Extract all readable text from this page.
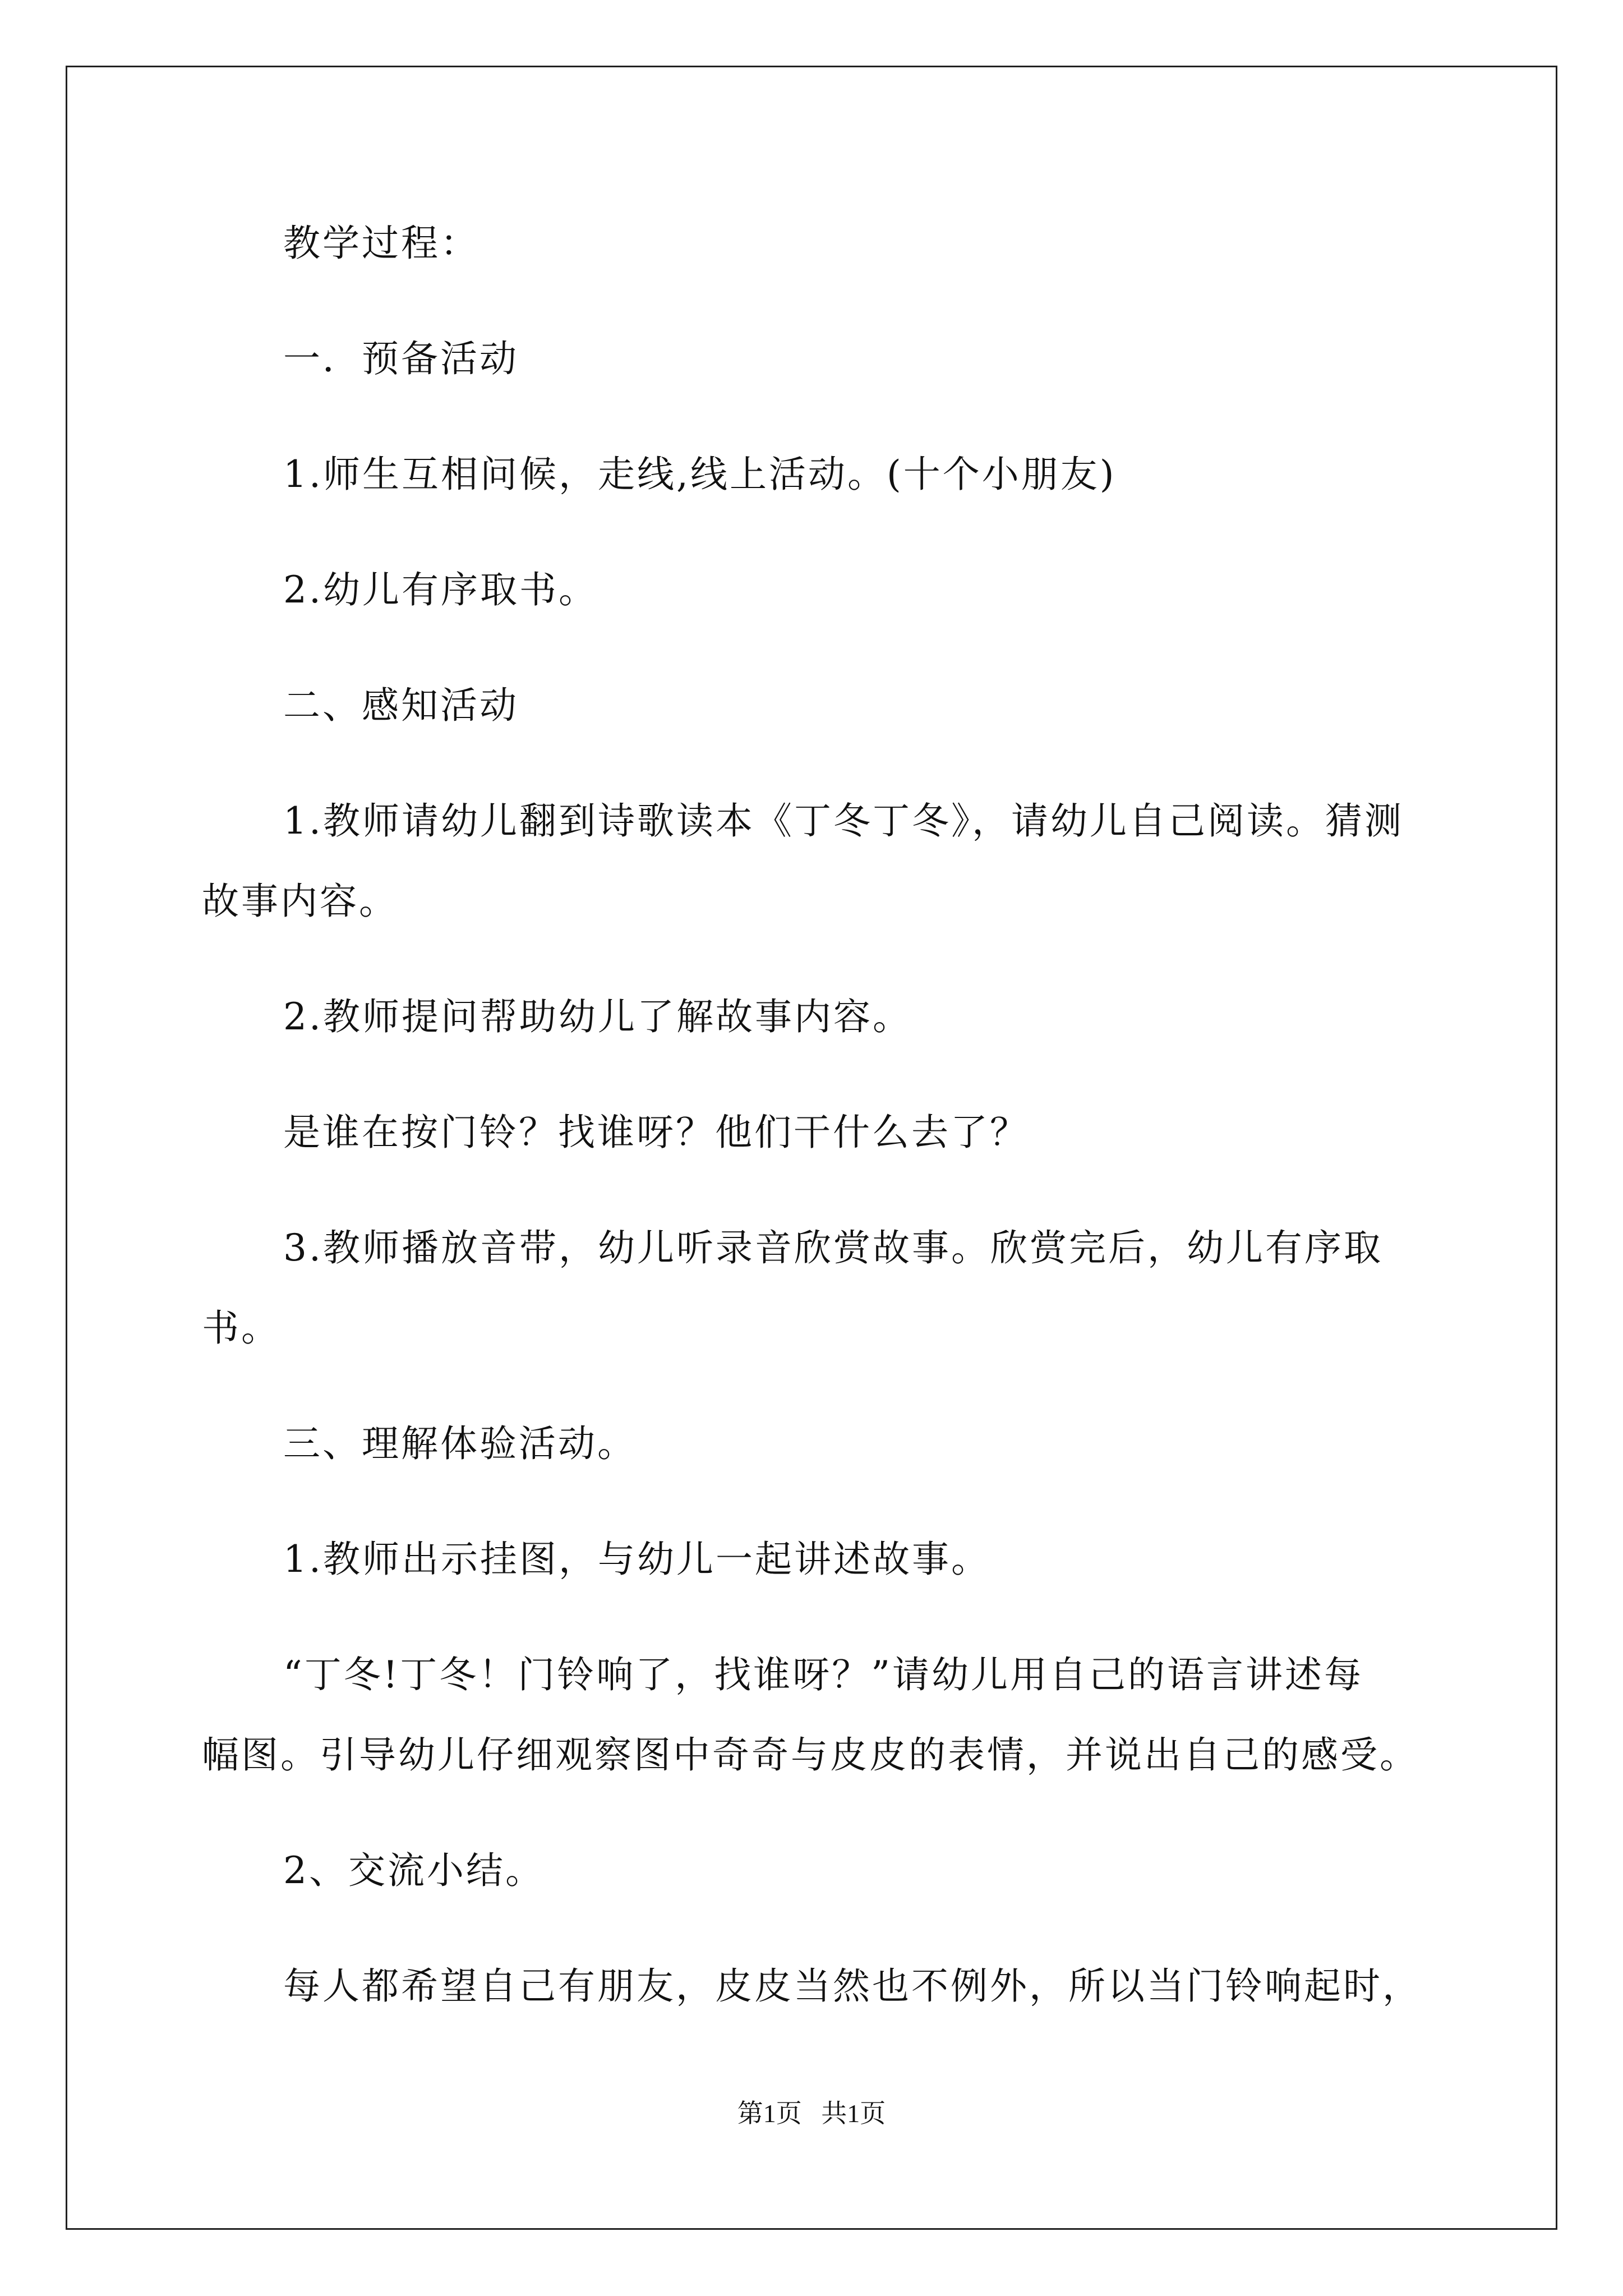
教学过程：
一．预备活动
1.师生互相问候，走线,线上活动。(十个小朋友)
2.幼儿有序取书。
二、感知活动
1.教师请幼儿翻到诗歌读本《丁冬丁冬》，请幼儿自己阅读。猜测
故事内容。
2.教师提问帮助幼儿了解故事内容。
是谁在按门铃？找谁呀？他们干什么去了？
3.教师播放音带，幼儿听录音欣赏故事。欣赏完后，幼儿有序取
书。
三、理解体验活动。
1.教师出示挂图，与幼儿一起讲述故事。
“丁冬!丁冬！门铃响了，找谁呀？”请幼儿用自己的语言讲述每
幅图。引导幼儿仔细观察图中奇奇与皮皮的表情，并说出自己的感受。
2、交流小结。
每人都希望自己有朋友，皮皮当然也不例外，所以当门铃响起时，
第1页   共1页
